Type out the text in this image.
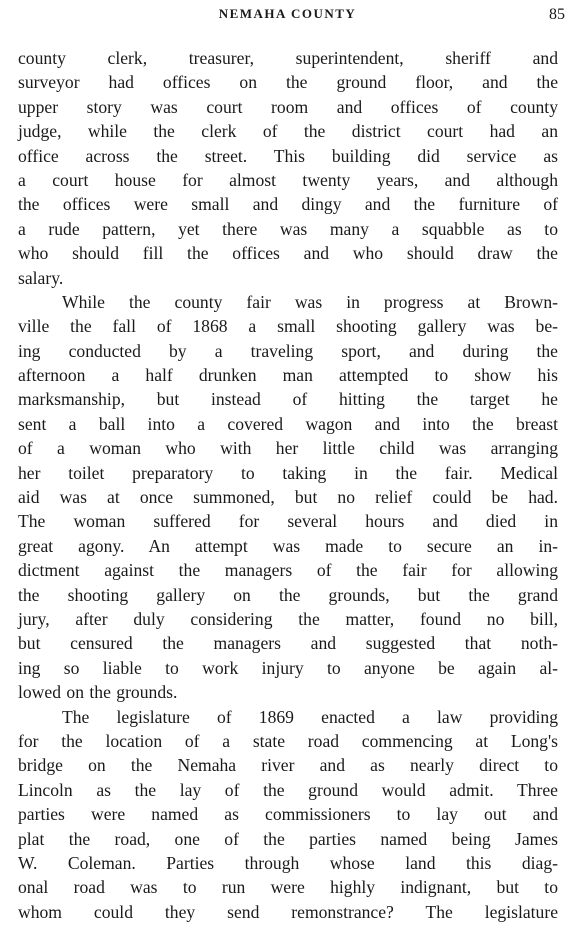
NEMAHA COUNTY	85
county clerk, treasurer, superintendent, sheriff and
surveyor had offices on the ground floor, and the
upper story was court room and offices of county
judge, while the clerk of the district court had an
office across the street. This building did service as
a court house for almost twenty years, and although
the offices were small and dingy and the furniture of
a rude pattern, yet there was many a squabble as to
who should fill the offices and who should draw the
salary.
While the county fair was in progress at Brown-
ville the fall of 1868 a small shooting gallery was be-
ing conducted by a traveling sport, and during the
afternoon a half drunken man attempted to show his
marksmanship, but instead of hitting the target he
sent a ball into a covered wagon and into the breast
of a woman who with her little child was arranging
her toilet preparatory to taking in the fair. Medical
aid was at once summoned, but no relief could be had.
The woman suffered for several hours and died in
great agony. An attempt was made to secure an in-
dictment against the managers of the fair for allowing
the shooting gallery on the grounds, but the grand
jury, after duly considering the matter, found no bill,
but censured the managers and suggested that noth-
ing so liable to work injury to anyone be again al-
lowed on the grounds.
The legislature of 1869 enacted a law providing
for the location of a state road commencing at Long's
bridge on the Nemaha river and as nearly direct to
Lincoln as the lay of the ground would admit. Three
parties were named as commissioners to lay out and
plat the road, one of the parties named being James
W. Coleman. Parties through whose land this diag-
onal road was to run were highly indignant, but to
whom could they send remonstrance? The legislature
